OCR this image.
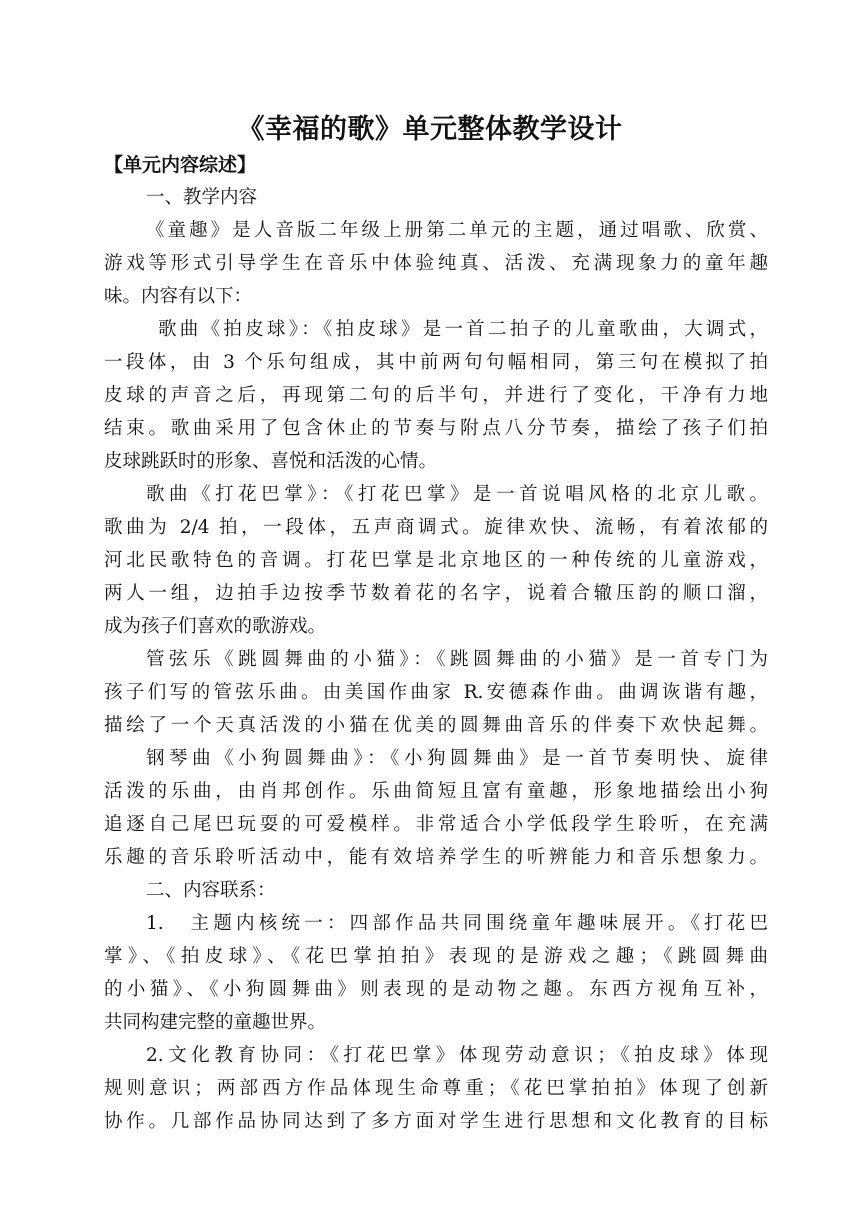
《幸福的歌》单元整体教学设计
【单元内容综述】
一、教学内容
《童趣》是人音版二年级上册第二单元的主题，通过唱歌、欣赏、
游戏等形式引导学生在音乐中体验纯真、活泼、充满现象力的童年趣
味。内容有以下：
歌曲《拍皮球》：《拍皮球》是一首二拍子的儿童歌曲，大调式，
一段体，由 3 个乐句组成，其中前两句句幅相同，第三句在模拟了拍
皮球的声音之后，再现第二句的后半句，并进行了变化，干净有力地
结束。歌曲采用了包含休止的节奏与附点八分节奏，描绘了孩子们拍
皮球跳跃时的形象、喜悦和活泼的心情。
歌曲《打花巴掌》：《打花巴掌》是一首说唱风格的北京儿歌。
歌曲为 2/4 拍，一段体，五声商调式。旋律欢快、流畅，有着浓郁的
河北民歌特色的音调。打花巴掌是北京地区的一种传统的儿童游戏，
两人一组，边拍手边按季节数着花的名字，说着合辙压韵的顺口溜，
成为孩子们喜欢的歌游戏。
管弦乐《跳圆舞曲的小猫》：《跳圆舞曲的小猫》是一首专门为
孩子们写的管弦乐曲。由美国作曲家 R.安德森作曲。曲调诙谐有趣，
描绘了一个天真活泼的小猫在优美的圆舞曲音乐的伴奏下欢快起舞。
钢琴曲《小狗圆舞曲》：《小狗圆舞曲》是一首节奏明快、旋律
活泼的乐曲，由肖邦创作。乐曲简短且富有童趣，形象地描绘出小狗
追逐自己尾巴玩耍的可爱模样。非常适合小学低段学生聆听，在充满
乐趣的音乐聆听活动中，能有效培养学生的听辨能力和音乐想象力。
二、内容联系：
1.　主题内核统一：四部作品共同围绕童年趣味展开。《打花巴
掌》、《拍皮球》、《花巴掌拍拍》表现的是游戏之趣；《跳圆舞曲
的小猫》、《小狗圆舞曲》则表现的是动物之趣。东西方视角互补，
共同构建完整的童趣世界。
2.文化教育协同：《打花巴掌》体现劳动意识；《拍皮球》体现
规则意识；两部西方作品体现生命尊重；《花巴掌拍拍》体现了创新
协作。几部作品协同达到了多方面对学生进行思想和文化教育的目标
